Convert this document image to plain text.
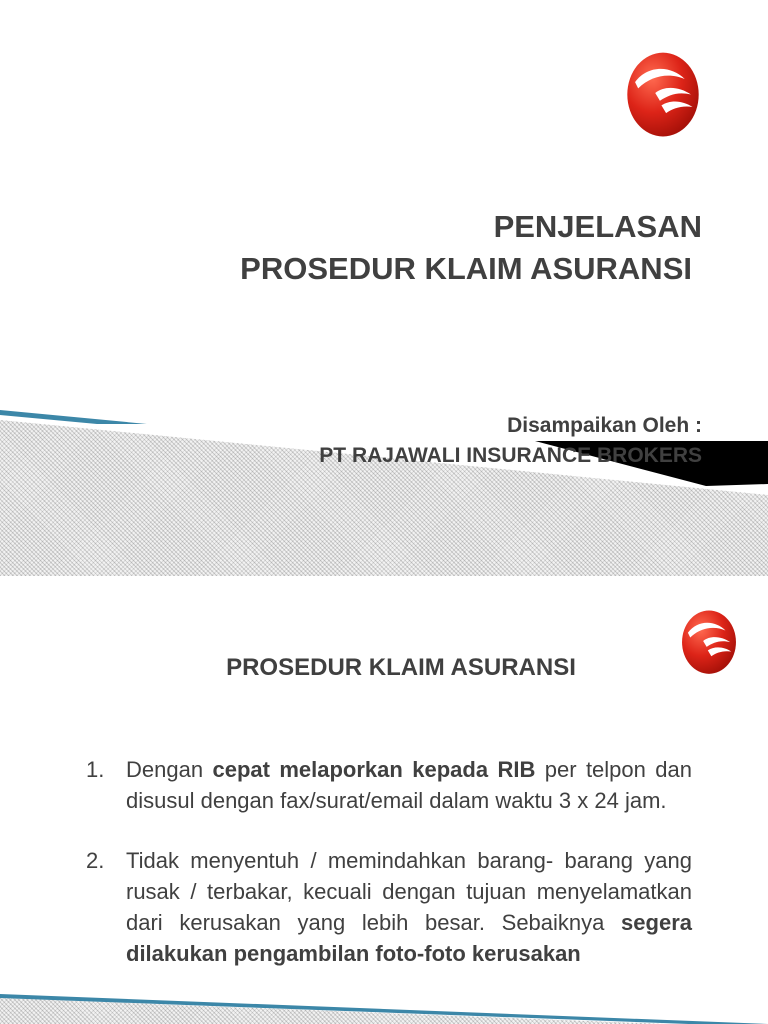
PENJELASAN
PROSEDUR KLAIM ASURANSI
Disampaikan Oleh :
PT RAJAWALI INSURANCE BROKERS
PROSEDUR KLAIM ASURANSI
1. Dengan cepat melaporkan kepada RIB per telpon dan disusul dengan fax/surat/email dalam waktu 3 x 24 jam.
2. Tidak menyentuh / memindahkan barang- barang yang rusak / terbakar, kecuali dengan tujuan menyelamatkan dari kerusakan yang lebih besar. Sebaiknya segera dilakukan pengambilan foto-foto kerusakan
